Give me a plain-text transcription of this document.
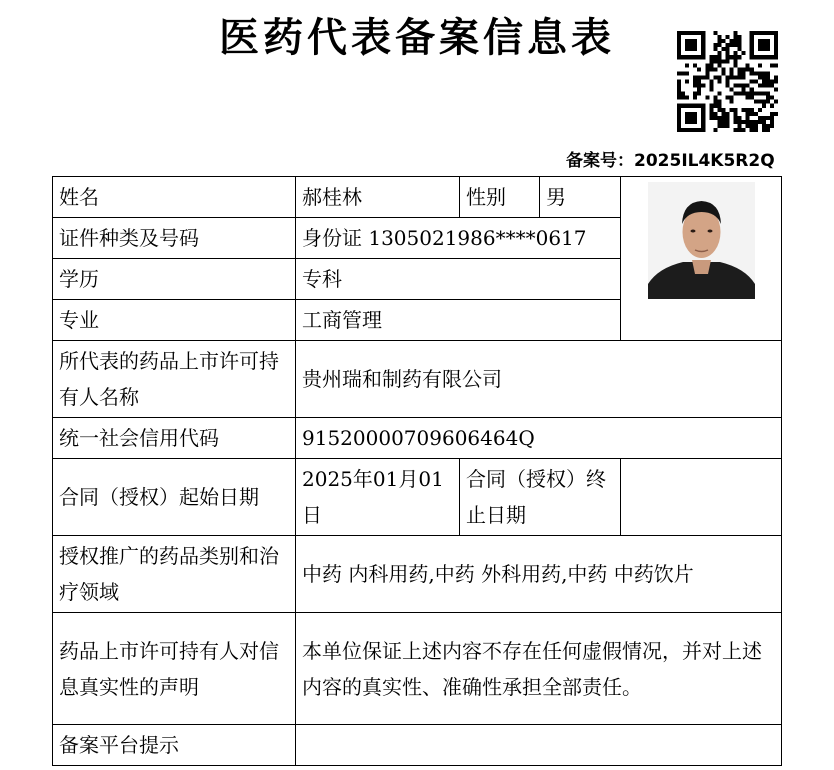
医药代表备案信息表
备案号：2025IL4K5R2Q
姓名	郝桂林	性别	男	

证件种类及号码	身份证 1305021986****0617			
学历	专科			
专业	工商管理			
所代表的药品上市许可持有人名称	贵州瑞和制药有限公司			
统一社会信用代码	91520000709606464Q			
合同（授权）起始日期	2025年01月01日	合同（授权）终止日期		
授权推广的药品类别和治疗领域	中药 内科用药,中药 外科用药,中药 中药饮片			
药品上市许可持有人对信息真实性的声明	本单位保证上述内容不存在任何虚假情况，并对上述内容的真实性、准确性承担全部责任。			
备案平台提示				
